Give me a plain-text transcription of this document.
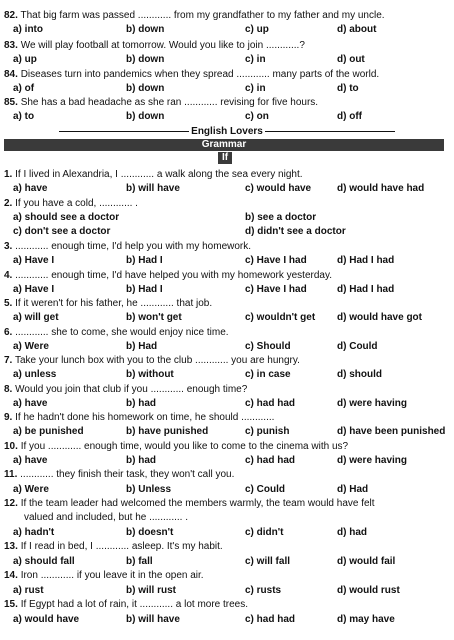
82. That big farm was passed ............ from my grandfather to my father and my uncle.
a) into	b) down	c) up	d) about
83. We will play football at tomorrow. Would you like to join ............?
a) up	b) down	c) in	d) out
84. Diseases turn into pandemics when they spread ............ many parts of the world.
a) of	b) down	c) in	d) to
85. She has a bad headache as she ran ............ revising for five hours.
a) to	b) down	c) on	d) off
English Lovers
Grammar
If
1. If I lived in Alexandria, I ............ a walk along the sea every night.
a) have	b) will have	c) would have	d) would have had
2. If you have a cold, ............ .
a) should see a doctor	b) see a doctor
c) don't see a doctor	d) didn't see a doctor
3. ............ enough time, I'd help you with my homework.
a) Have I	b) Had I	c) Have I had	d) Had I had
4. ............ enough time, I'd have helped you with my homework yesterday.
a) Have I	b) Had I	c) Have I had	d) Had I had
5. If it weren't for his father, he ............ that job.
a) will get	b) won't get	c) wouldn't get d) would have got
6. ............ she to come, she would enjoy nice time.
a) Were	b) Had	c) Should	d) Could
7. Take your lunch box with you to the club ............ you are hungry.
a) unless	b) without	c) in case	d) should
8. Would you join that club if you ............ enough time?
a) have	b) had	c) had had	d) were having
9. If he hadn't done his homework on time, he should ............
a) be punished	b) have punished	c) punish	d) have been punished
10. If you ............ enough time, would you like to come to the cinema with us?
a) have	b) had	c) had had	d) were having
11. ............ they finish their task, they won't call you.
a) Were	b) Unless	c) Could	d) Had
12. If the team leader had welcomed the members warmly, the team would have felt
valued and included, but he ............ .
a) hadn't	b) doesn't	c) didn't	d) had
13. If I read in bed, I ............ asleep. It's my habit.
a) should fall	b) fall	c) will fall	d) would fail
14. Iron ............ if you leave it in the open air.
a) rust	b) will rust	c) rusts	d) would rust
15. If Egypt had a lot of rain, it ............ a lot more trees.
a) would have	b) will have	c) had had	d) may have
